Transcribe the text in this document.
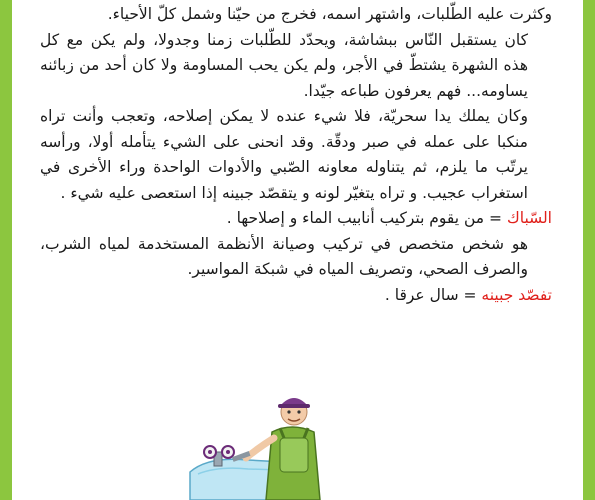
وكثرت عليه الطّلبات، واشتهر اسمه، فخرج من حيّنا وشمل كلّ الأحياء.

كان يستقبل النّاس ببشاشة، ويحدّد للطّلبات زمنا وجدولا، ولم يكن مع كل هذه الشهرة يشتطّ في الأجر، ولم يكن يحب المساومة ولا كان أحد من زبائنه يساومه... فهم يعرفون طباعه جيّدا.

وكان يملك يدا سحريّة، فلا شيء عنده لا يمكن إصلاحه، وتعجب وأنت تراه منكبا على عمله في صبر ودقّة. وقد انحنى على الشيء يتأمله أولا، ورأسه يرتّب ما يلزم، ثم يتناوله معاونه الصّبي والأدوات الواحدة وراء الأخرى في استغراب عجيب. و تراه يتغيّر لونه و يتقصّد جبينه إذا استعصى عليه شيء .

السّباك = من يقوم بتركيب أنابيب الماء و إصلاحها .

هو شخص متخصص في تركيب وصيانة الأنظمة المستخدمة لمياه الشرب، والصرف الصحي، وتصريف المياه في شبكة المواسير.

تفصّد جبينه = سال عرقا .
